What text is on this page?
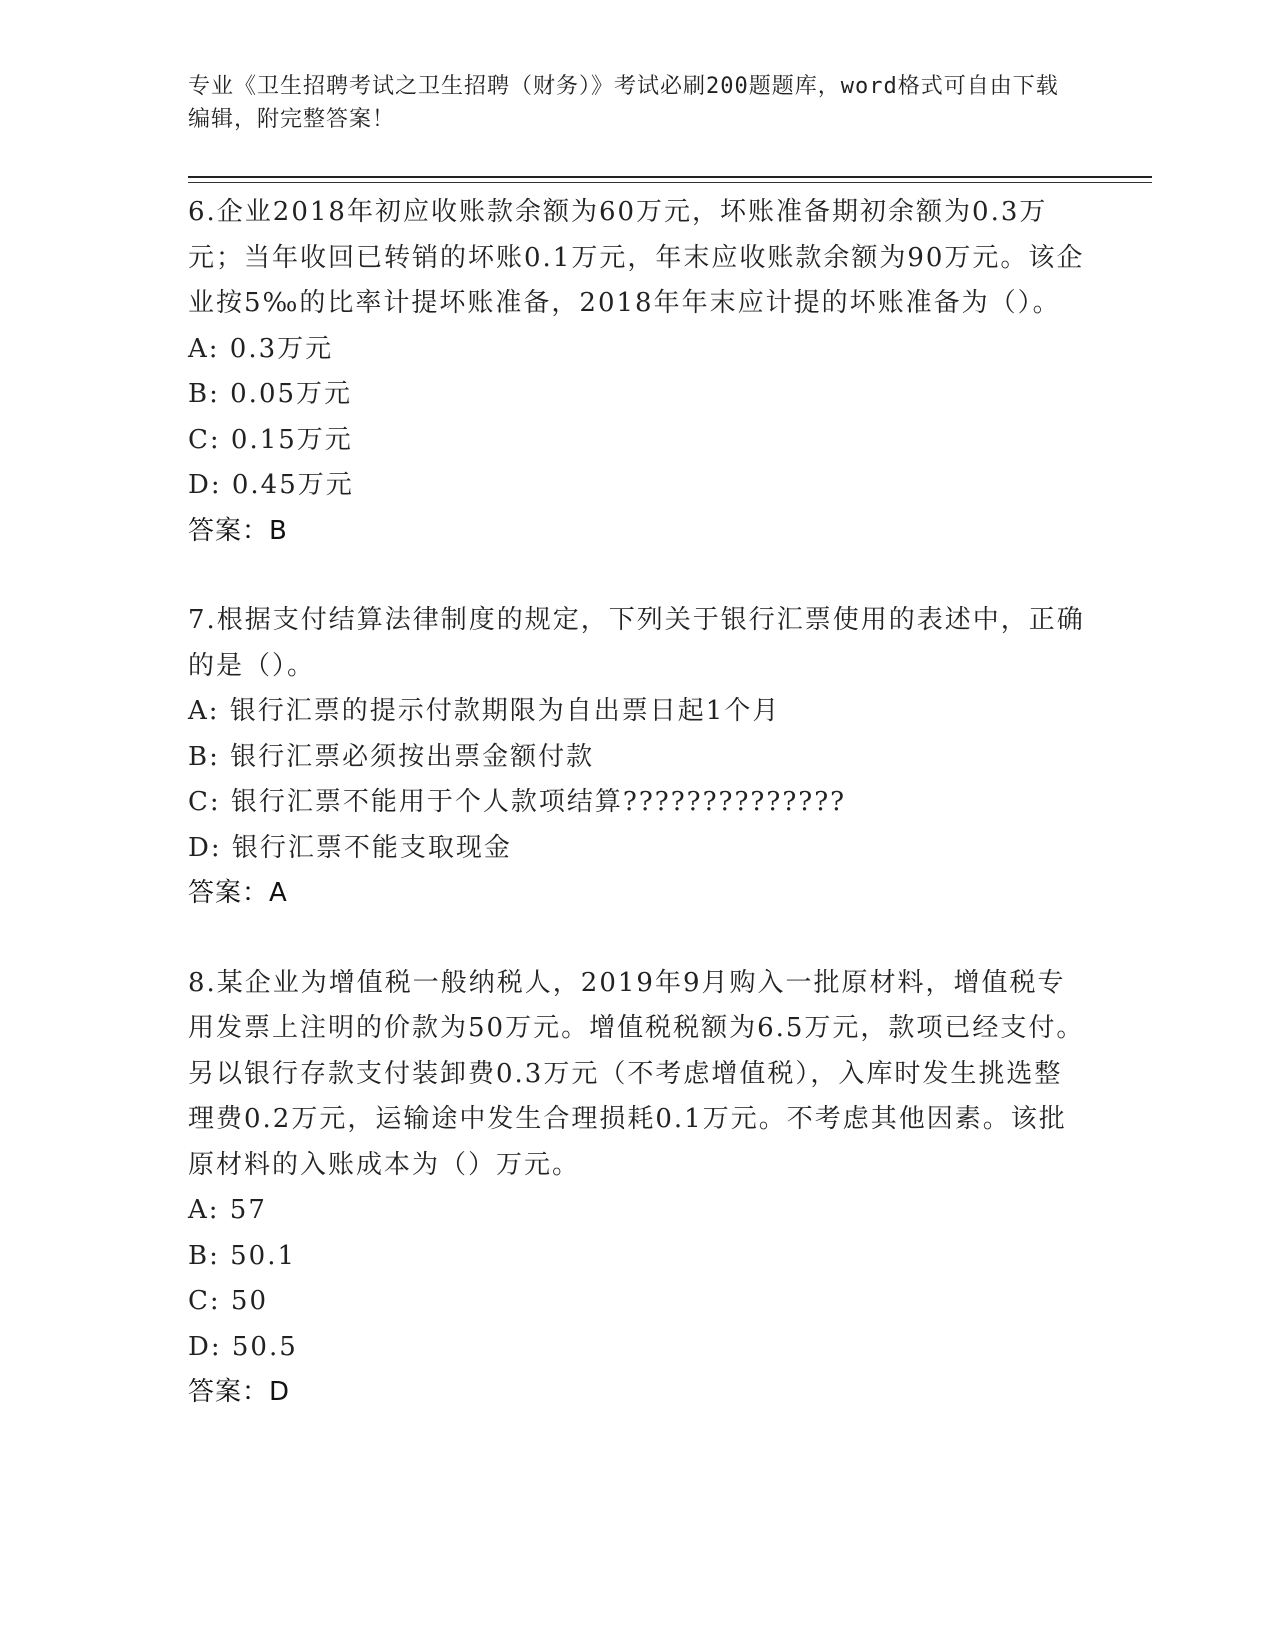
专业《卫生招聘考试之卫生招聘（财务）》考试必刷200题题库，word格式可自由下载编辑，附完整答案！
6.企业2018年初应收账款余额为60万元，坏账准备期初余额为0.3万元；当年收回已转销的坏账0.1万元，年末应收账款余额为90万元。该企业按5‰的比率计提坏账准备，2018年年末应计提的坏账准备为（）。
A: 0.3万元
B: 0.05万元
C: 0.15万元
D: 0.45万元
答案：B
7.根据支付结算法律制度的规定，下列关于银行汇票使用的表述中，正确的是（）。
A: 银行汇票的提示付款期限为自出票日起1个月
B: 银行汇票必须按出票金额付款
C: 银行汇票不能用于个人款项结算??????????????
D: 银行汇票不能支取现金
答案：A
8.某企业为增值税一般纳税人，2019年9月购入一批原材料，增值税专用发票上注明的价款为50万元。增值税税额为6.5万元，款项已经支付。另以银行存款支付装卸费0.3万元（不考虑增值税），入库时发生挑选整理费0.2万元，运输途中发生合理损耗0.1万元。不考虑其他因素。该批原材料的入账成本为（）万元。
A: 57
B: 50.1
C: 50
D: 50.5
答案：D
